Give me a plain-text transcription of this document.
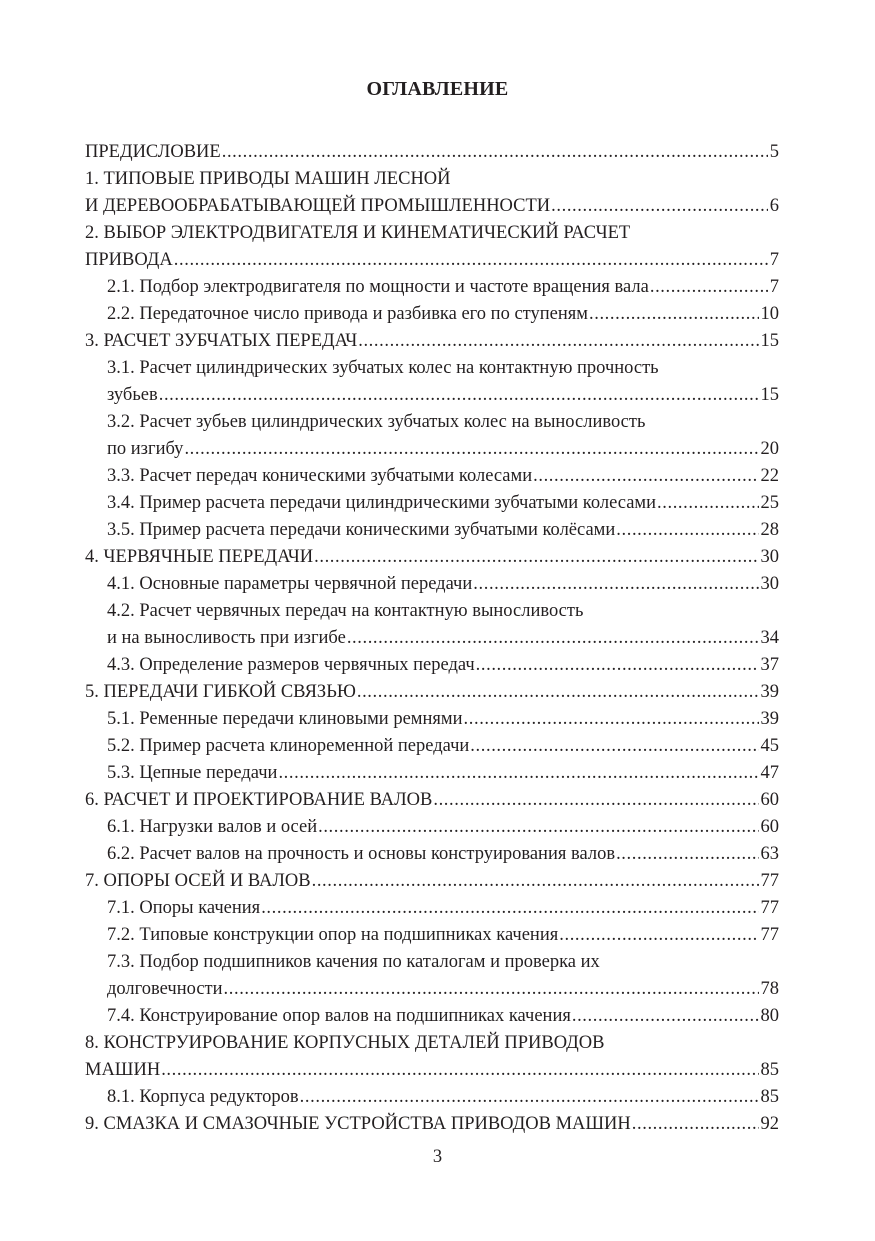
ОГЛАВЛЕНИЕ
ПРЕДИСЛОВИЕ .....	5
1. ТИПОВЫЕ ПРИВОДЫ МАШИН ЛЕСНОЙ
И ДЕРЕВООБРАБАТЫВАЮЩЕЙ ПРОМЫШЛЕННОСТИ .....	6
2. ВЫБОР ЭЛЕКТРОДВИГАТЕЛЯ И КИНЕМАТИЧЕСКИЙ РАСЧЕТ
ПРИВОДА .....	7
2.1. Подбор электродвигателя по мощности и частоте вращения вала .....	7
2.2. Передаточное число привода и разбивка его по ступеням .....	10
3. РАСЧЕТ ЗУБЧАТЫХ ПЕРЕДАЧ .....	15
3.1. Расчет цилиндрических зубчатых колес на контактную прочность
зубьев .....	15
3.2. Расчет зубьев цилиндрических зубчатых колес на выносливость
по изгибу .....	20
3.3. Расчет передач коническими зубчатыми колесами .....	22
3.4. Пример расчета передачи цилиндрическими зубчатыми колесами .....	25
3.5. Пример расчета передачи коническими зубчатыми колёсами .....	28
4. ЧЕРВЯЧНЫЕ ПЕРЕДАЧИ .....	30
4.1. Основные параметры червячной передачи .....	30
4.2. Расчет червячных передач на контактную выносливость
и на выносливость при изгибе .....	34
4.3. Определение размеров червячных передач .....	37
5. ПЕРЕДАЧИ ГИБКОЙ СВЯЗЬЮ .....	39
5.1. Ременные передачи клиновыми ремнями .....	39
5.2. Пример расчета клиноременной передачи .....	45
5.3. Цепные передачи .....	47
6. РАСЧЕТ И ПРОЕКТИРОВАНИЕ ВАЛОВ .....	60
6.1. Нагрузки валов и осей .....	60
6.2. Расчет валов на прочность и основы конструирования валов .....	63
7. ОПОРЫ ОСЕЙ И ВАЛОВ .....	77
7.1. Опоры качения .....	77
7.2. Типовые конструкции опор на подшипниках качения .....	77
7.3. Подбор подшипников качения по каталогам и проверка их
долговечности .....	78
7.4. Конструирование опор валов на подшипниках качения .....	80
8. КОНСТРУИРОВАНИЕ КОРПУСНЫХ ДЕТАЛЕЙ ПРИВОДОВ
МАШИН .....	85
8.1. Корпуса редукторов .....	85
9. СМАЗКА И СМАЗОЧНЫЕ УСТРОЙСТВА ПРИВОДОВ МАШИН .....	92
3
